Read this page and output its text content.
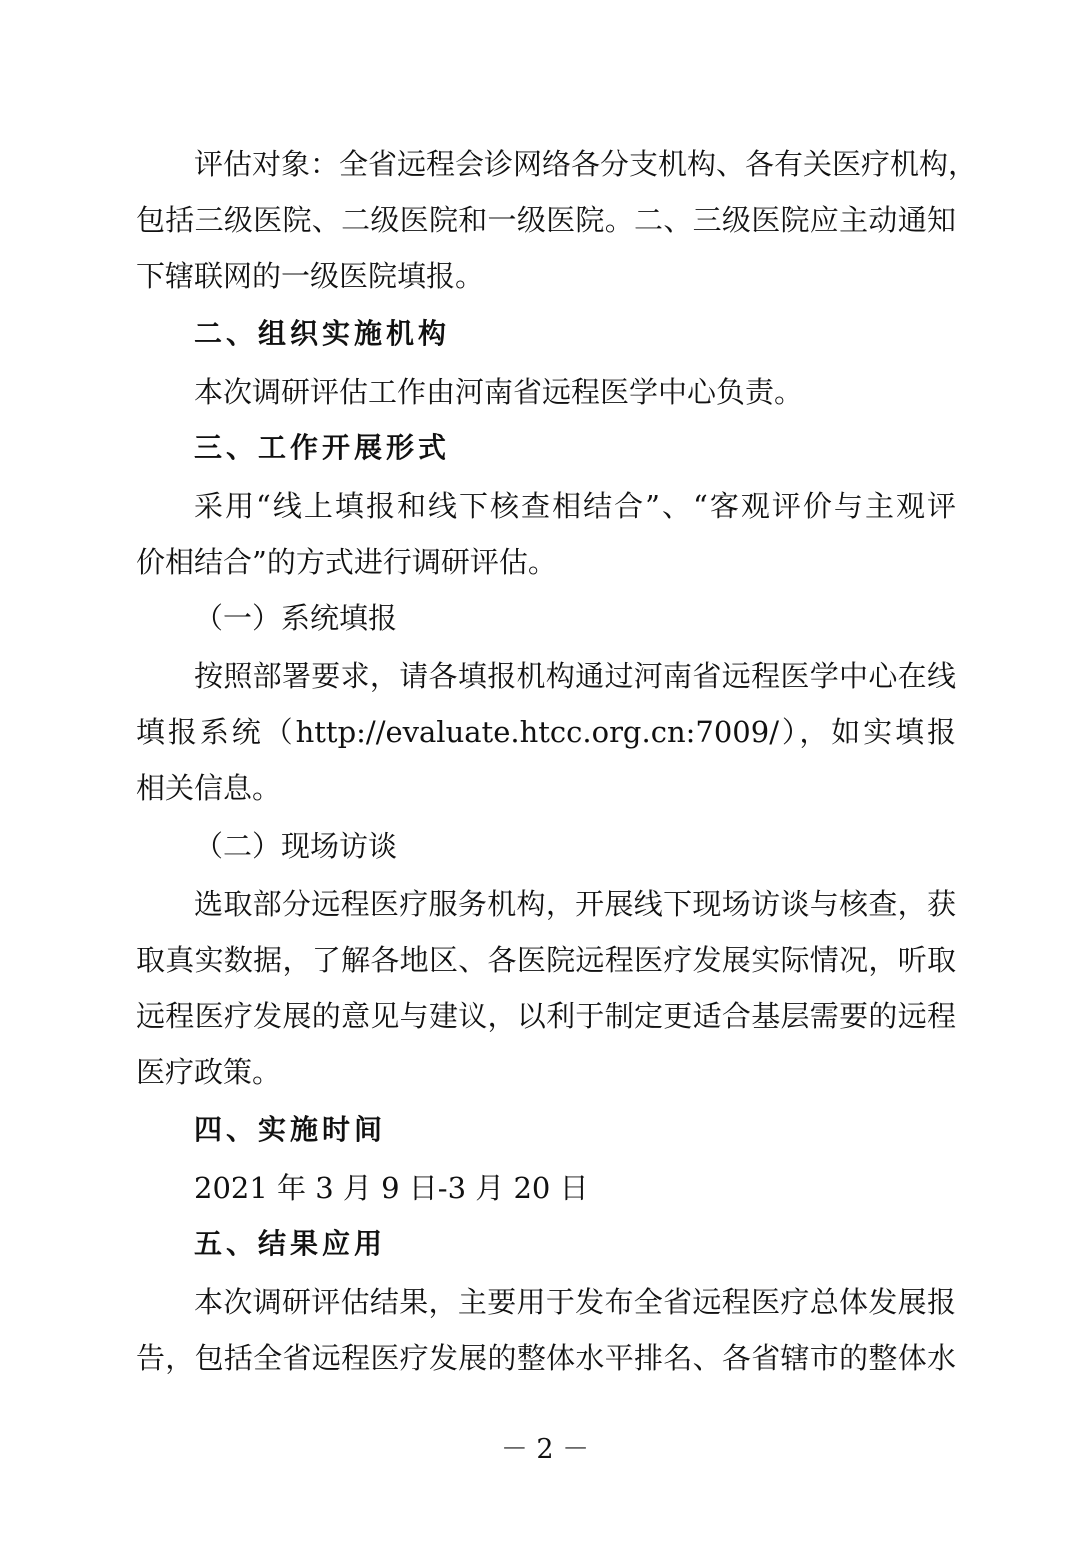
评估对象：全省远程会诊网络各分支机构、各有关医疗机构，
包括三级医院、二级医院和一级医院。二、三级医院应主动通知
下辖联网的一级医院填报。
二、组织实施机构
本次调研评估工作由河南省远程医学中心负责。
三、工作开展形式
采用“线上填报和线下核查相结合”、“客观评价与主观评
价相结合”的方式进行调研评估。
（一）系统填报
按照部署要求，请各填报机构通过河南省远程医学中心在线
填报系统（http://evaluate.htcc.org.cn:7009/），如实填报
相关信息。
（二）现场访谈
选取部分远程医疗服务机构，开展线下现场访谈与核查，获
取真实数据，了解各地区、各医院远程医疗发展实际情况，听取
远程医疗发展的意见与建议，以利于制定更适合基层需要的远程
医疗政策。
四、实施时间
2021 年 3 月 9 日-3 月 20 日
五、结果应用
本次调研评估结果，主要用于发布全省远程医疗总体发展报
告，包括全省远程医疗发展的整体水平排名、各省辖市的整体水
－ 2 －
